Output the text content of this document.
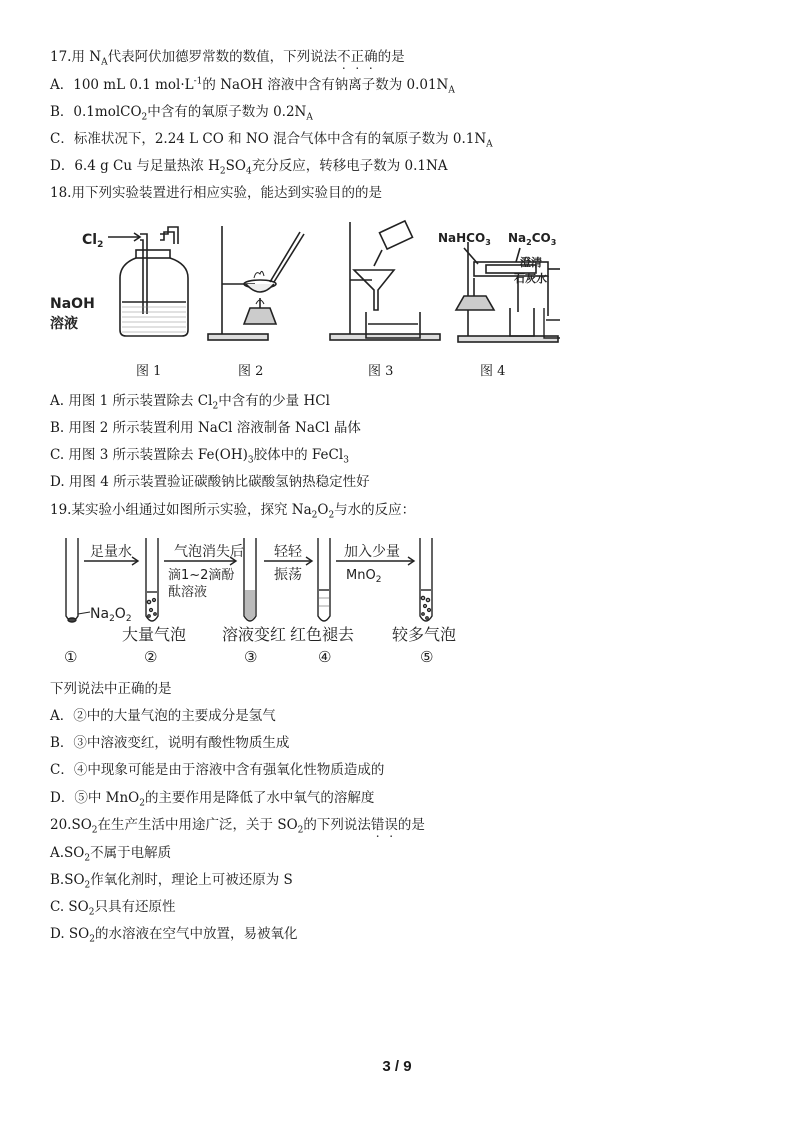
17.用 $N_A$代表阿伏加德罗常数的数值，下列说法不正确的是
A．100 mL 0.1 $mol\cdot L^{-1}$的 NaOH 溶液中含有钠离子数为 $0.01N_A$
B．0.1molCO$_2$中含有的氧原子数为 $0.2N_A$
C．标准状况下，2.24 L CO 和 NO 混合气体中含有的氧原子数为 $0.1N_A$
D．6.4 g Cu 与足量热浓 $H_2SO_4$充分反应，转移电子数为 0.1NA
18.用下列实验装置进行相应实验，能达到实验目的的是
$Cl_2$
NaOH
溶液
NaHCO$_3$ $Na_2CO_3$
澄清
石灰水
图 1	图 2	图 3	图 4
A. 用图 1 所示装置除去 $Cl_2$中含有的少量 HCl
B. 用图 2 所示装置利用 NaCl 溶液制备 NaCl 晶体
C. 用图 3 所示装置除去 $Fe(OH)_3$胶体中的 FeCl$_3$
D. 用图 4 所示装置验证碳酸钠比碳酸氢钠热稳定性好
19.某实验小组通过如图所示实验，探究 $Na_2O_2$与水的反应：
足量水	气泡消失后
滴1~2滴酚
酞溶液
轻轻
振荡
加入少量
MnO$_2$
$Na_2O_2$
大量气泡 溶液变红 红色褪去 较多气泡
①	②	③	④	⑤
下列说法中正确的是
A．②中的大量气泡的主要成分是氢气
B．③中溶液变红，说明有酸性物质生成
C．④中现象可能是由于溶液中含有强氧化性物质造成的
D．⑤中 MnO$_2$的主要作用是降低了水中氧气的溶解度
$20.SO_2$在生产生活中用途广泛，关于 $SO_2$的下列说法错误的是
$A.SO_2$不属于电解质
$B.SO_2$作氧化剂时，理论上可被还原为 S
C. $SO_2$只具有还原性
D. $SO_2$的水溶液在空气中放置，易被氧化
3 / 9
